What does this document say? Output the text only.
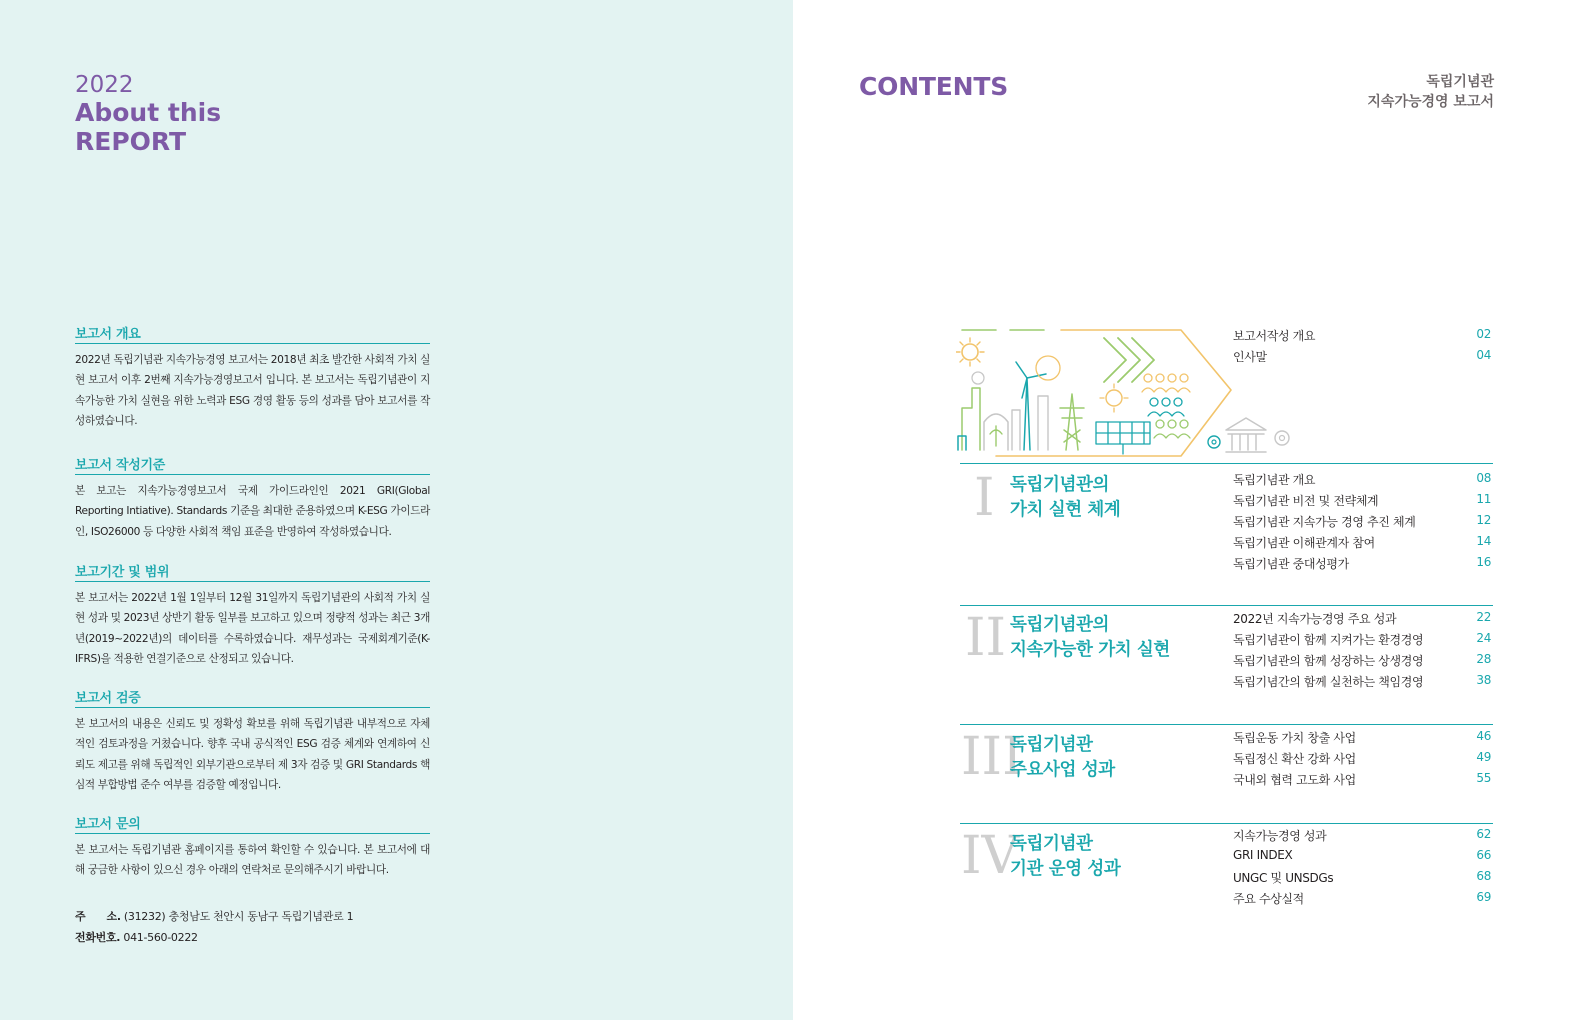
2022
About this
REPORT
보고서 개요
2022년 독립기념관 지속가능경영 보고서는 2018년 최초 발간한 사회적 가치 실현 보고서 이후 2번째 지속가능경영보고서 입니다. 본 보고서는 독립기념관이 지속가능한 가치 실현을 위한 노력과 ESG 경영 활동 등의 성과를 담아 보고서를 작성하였습니다.
보고서 작성기준
본 보고는 지속가능경영보고서 국제 가이드라인인 2021 GRI(Global Reporting Intiative). Standards 기준을 최대한 준용하였으며 K-ESG 가이드라인, ISO26000 등 다양한 사회적 책임 표준을 반영하여 작성하였습니다.
보고기간 및 범위
본 보고서는 2022년 1월 1일부터 12월 31일까지 독립기념관의 사회적 가치 실현 성과 및 2023년 상반기 활동 일부를 보고하고 있으며 정량적 성과는 최근 3개년(2019~2022년)의 데이터를 수록하였습니다. 재무성과는 국제회계기준(K-IFRS)을 적용한 연결기준으로 산정되고 있습니다.
보고서 검증
본 보고서의 내용은 신뢰도 및 정확성 확보를 위해 독립기념관 내부적으로 자체적인 검토과정을 거쳤습니다. 향후 국내 공식적인 ESG 검증 체계와 연계하여 신뢰도 제고를 위해 독립적인 외부기관으로부터 제 3자 검증 및 GRI Standards 핵심적 부합방법 준수 여부를 검증할 예정입니다.
보고서 문의
본 보고서는 독립기념관 홈페이지를 통하여 확인할 수 있습니다. 본 보고서에 대해 궁금한 사항이 있으신 경우 아래의 연락처로 문의해주시기 바랍니다.
주      소. (31232) 충청남도 천안시 동남구 독립기념관로 1
전화번호. 041-560-0222
CONTENTS	독립기념관
지속가능경영 보고서
보고서작성 개요	02
인사말	04
I 독립기념관의
가치 실현 체계
독립기념관 개요	08
독립기념관 비전 및 전략체계	11
독립기념관 지속가능 경영 추진 체계	12
독립기념관 이해관계자 참여	14
독립기념관 중대성평가	16
II 독립기념관의
지속가능한 가치 실현
2022년 지속가능경영 주요 성과	22
독립기념관이 함께 지켜가는 환경경영	24
독립기념관의 함께 성장하는 상생경영	28
독립기념간의 함께 실천하는 책임경영	38
III
독립기념관
주요사업 성과
독립운동 가치 창출 사업	46
독립정신 확산 강화 사업	49
국내외 협력 고도화 사업	55
IV
독립기념관
기관 운영 성과
지속가능경영 성과	62
GRI INDEX	66
UNGC 및 UNSDGs	68
주요 수상실적	69
